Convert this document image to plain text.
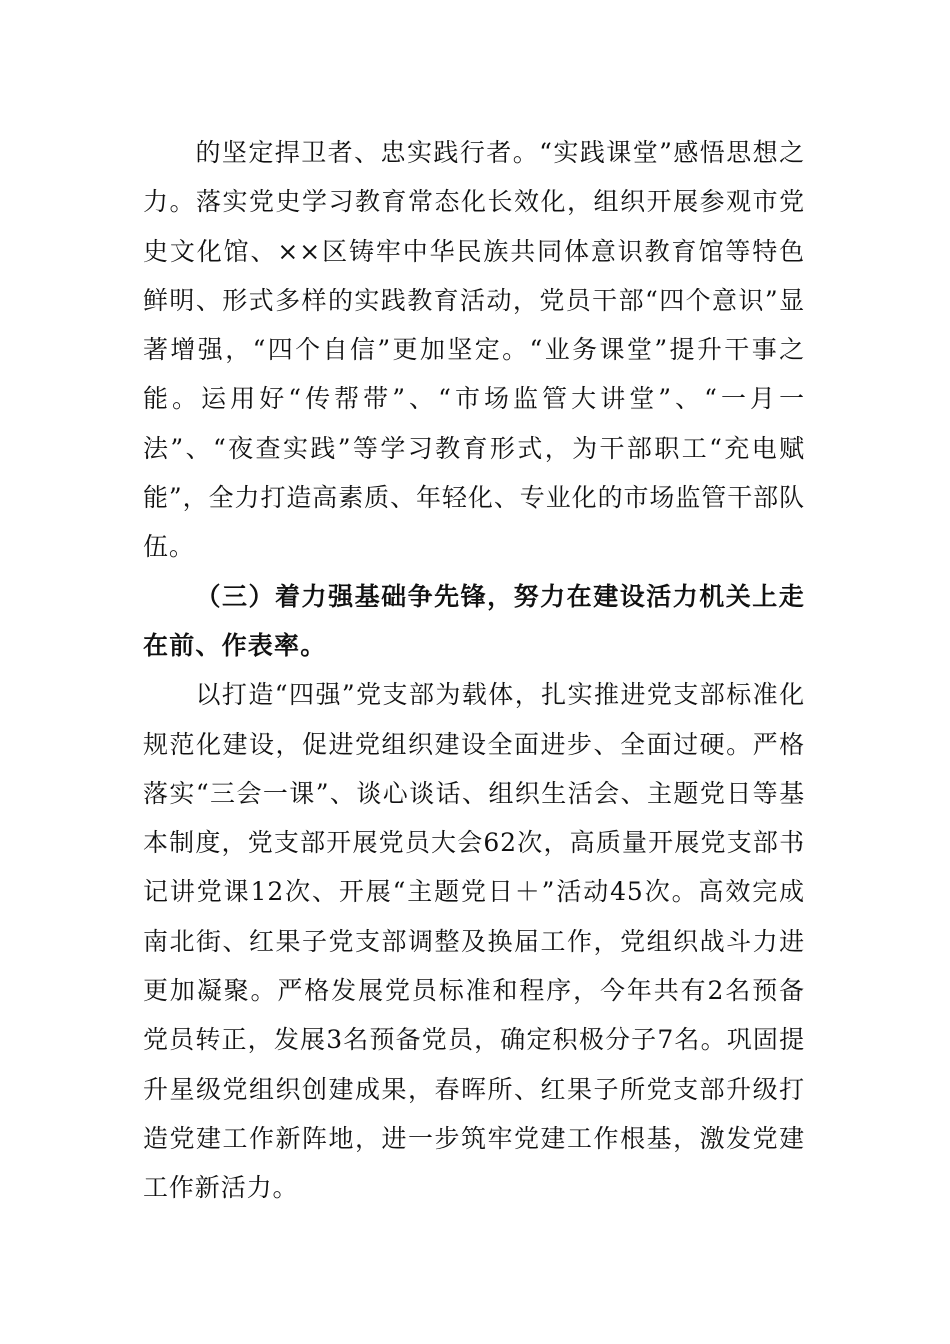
的坚定捍卫者、忠实践行者。“实践课堂”感悟思想之力。落实党史学习教育常态化长效化，组织开展参观市党史文化馆、××区铸牢中华民族共同体意识教育馆等特色鲜明、形式多样的实践教育活动，党员干部“四个意识”显著增强，“四个自信”更加坚定。“业务课堂”提升干事之能。运用好“传帮带”、“市场监管大讲堂”、“一月一法”、“夜查实践”等学习教育形式，为干部职工“充电赋能”，全力打造高素质、年轻化、专业化的市场监管干部队伍。

（三）着力强基础争先锋，努力在建设活力机关上走在前、作表率。

以打造“四强”党支部为载体，扎实推进党支部标准化规范化建设，促进党组织建设全面进步、全面过硬。严格落实“三会一课”、谈心谈话、组织生活会、主题党日等基本制度，党支部开展党员大会62次，高质量开展党支部书记讲党课12次、开展“主题党日＋”活动45次。高效完成南北街、红果子党支部调整及换届工作，党组织战斗力进更加凝聚。严格发展党员标准和程序，今年共有2名预备党员转正，发展3名预备党员，确定积极分子7名。巩固提升星级党组织创建成果，春晖所、红果子所党支部升级打造党建工作新阵地，进一步筑牢党建工作根基，激发党建工作新活力。
